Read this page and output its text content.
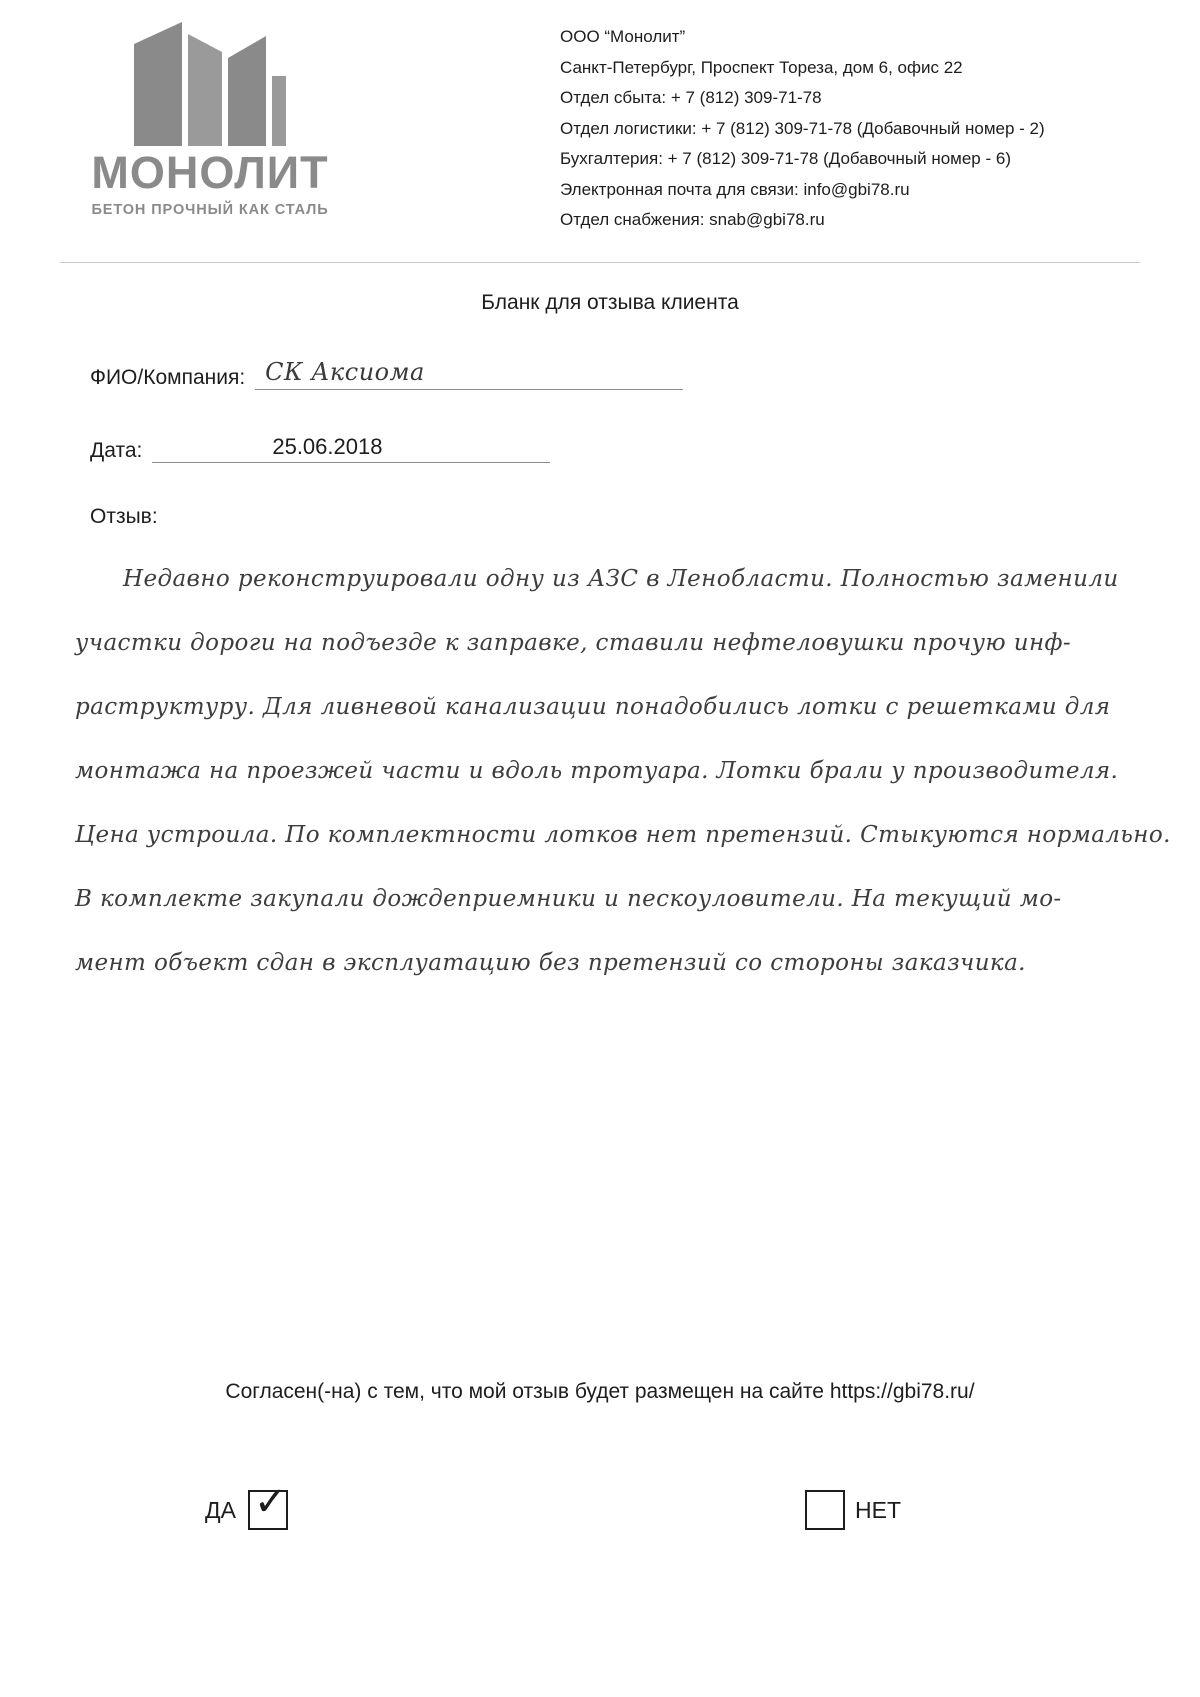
МОНОЛИТ
БЕТОН ПРОЧНЫЙ КАК СТАЛЬ
ООО “Монолит”
Санкт-Петербург, Проспект Тореза, дом 6, офис 22
Отдел сбыта: + 7 (812) 309-71-78
Отдел логистики: + 7 (812) 309-71-78 (Добавочный номер - 2)
Бухгалтерия: + 7 (812) 309-71-78 (Добавочный номер - 6)
Электронная почта для связи: info@gbi78.ru
Отдел снабжения: snab@gbi78.ru
Бланк для отзыва клиента
ФИО/Компания: СК Аксиома
Дата:	25.06.2018
Отзыв:

Недавно реконструировали одну из АЗС в Ленобласти. Полностью заменили

участки дороги на подъезде к заправке, ставили нефтеловушки прочую инф-

раструктуру. Для ливневой канализации понадобились лотки с решетками для

монтажа на проезжей части и вдоль тротуара. Лотки брали у производителя.

Цена устроила. По комплектности лотков нет претензий. Стыкуются нормально.

В комплекте закупали дождеприемники и пескоуловители. На текущий мо-

мент объект сдан в эксплуатацию без претензий со стороны заказчика.

Согласен(-на) с тем, что мой отзыв будет размещен на сайте https://gbi78.ru/
ДА ✓	НЕТ
